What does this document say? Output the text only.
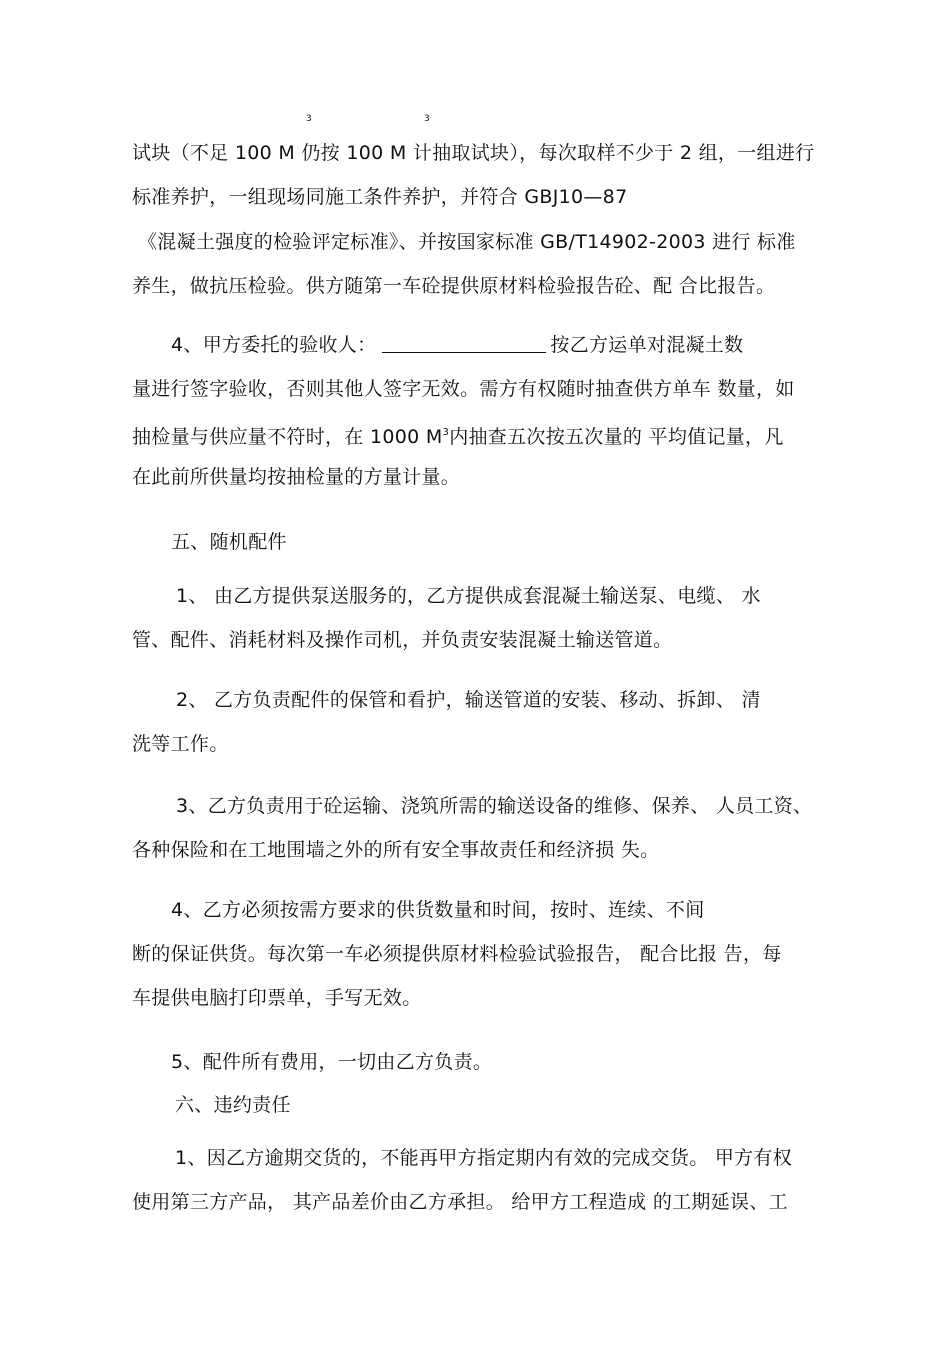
3	3
试块（不足 100 M 仍按 100 M 计抽取试块），每次取样不少于 2 组，一组进行
标准养护，一组现场同施工条件养护，并符合 GBJ10—87
《混凝土强度的检验评定标准》、并按国家标准 GB/T14902-2003 进行 标准
养生，做抗压检验。供方随第一车砼提供原材料检验报告砼、配 合比报告。
4、甲方委托的验收人：	按乙方运单对混凝土数
量进行签字验收，否则其他人签字无效。需方有权随时抽查供方单车 数量，如
抽检量与供应量不符时，在 1000 $M^3$内抽查五次按五次量的 平均值记量，凡
在此前所供量均按抽检量的方量计量。
五、随机配件
1、 由乙方提供泵送服务的，乙方提供成套混凝土输送泵、电缆、 水
管、配件、消耗材料及操作司机，并负责安装混凝土输送管道。
2、 乙方负责配件的保管和看护，输送管道的安装、移动、拆卸、 清
洗等工作。
3、乙方负责用于砼运输、浇筑所需的输送设备的维修、保养、 人员工资、
各种保险和在工地围墙之外的所有安全事故责任和经济损 失。
4、乙方必须按需方要求的供货数量和时间，按时、连续、不间
断的保证供货。每次第一车必须提供原材料检验试验报告， 配合比报 告，每
车提供电脑打印票单，手写无效。
5、配件所有费用，一切由乙方负责。
六、违约责任
1、因乙方逾期交货的，不能再甲方指定期内有效的完成交货。 甲方有权
使用第三方产品， 其产品差价由乙方承担。 给甲方工程造成 的工期延误、工
